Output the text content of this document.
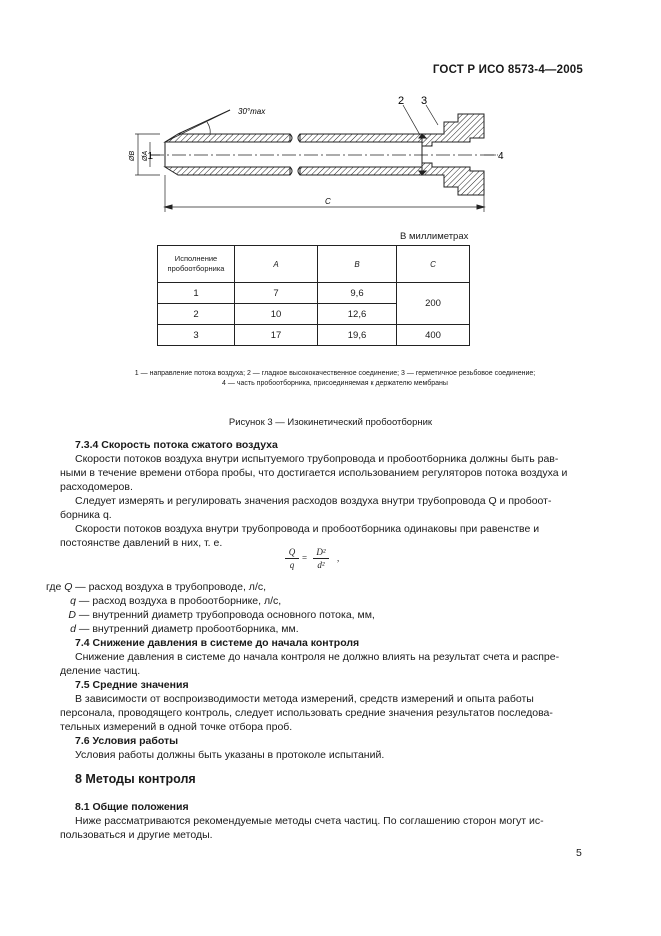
ГОСТ Р ИСО 8573-4—2005
1
2 3
4
30°max
ØB ØA
C
В миллиметрах
Исполнение пробоотборника	A	B	C
1	7	9,6	200
2	10	12,6	
3	17	19,6	400
1 — направление потока воздуха; 2 — гладкое высококачественное соединение; 3 — герметичное резьбовое соединение;
4 — часть пробоотборника, присоединяемая к держателю мембраны
Рисунок 3 — Изокинетический пробоотборник
7.3.4 Скорость потока сжатого воздуха
Скорости потоков воздуха внутри испытуемого трубопровода и пробоотборника должны быть рав-
ными в течение времени отбора пробы, что достигается использованием регуляторов потока воздуха и
расходомеров.
Следует измерять и регулировать значения расходов воздуха внутри трубопровода Q и пробоот-
борника q.
Скорости потоков воздуха внутри трубопровода и пробоотборника одинаковы при равенстве и
постоянстве давлений в них, т. е.
$\frac{Q}{q} = \frac{\text{D²}}{\text{d²}}$ ,
где Q — расход воздуха в трубопроводе, л/с,
q — расход воздуха в пробоотборнике, л/с,
D — внутренний диаметр трубопровода основного потока, мм,
d — внутренний диаметр пробоотборника, мм.
7.4 Снижение давления в системе до начала контроля
Снижение давления в системе до начала контроля не должно влиять на результат счета и распре-
деление частиц.
7.5 Средние значения
В зависимости от воспроизводимости метода измерений, средств измерений и опыта работы
персонала, проводящего контроль, следует использовать средние значения результатов последова-
тельных измерений в одной точке отбора проб.
7.6 Условия работы
Условия работы должны быть указаны в протоколе испытаний.
8 Методы контроля
8.1 Общие положения
Ниже рассматриваются рекомендуемые методы счета частиц. По соглашению сторон могут ис-
пользоваться и другие методы.
5
